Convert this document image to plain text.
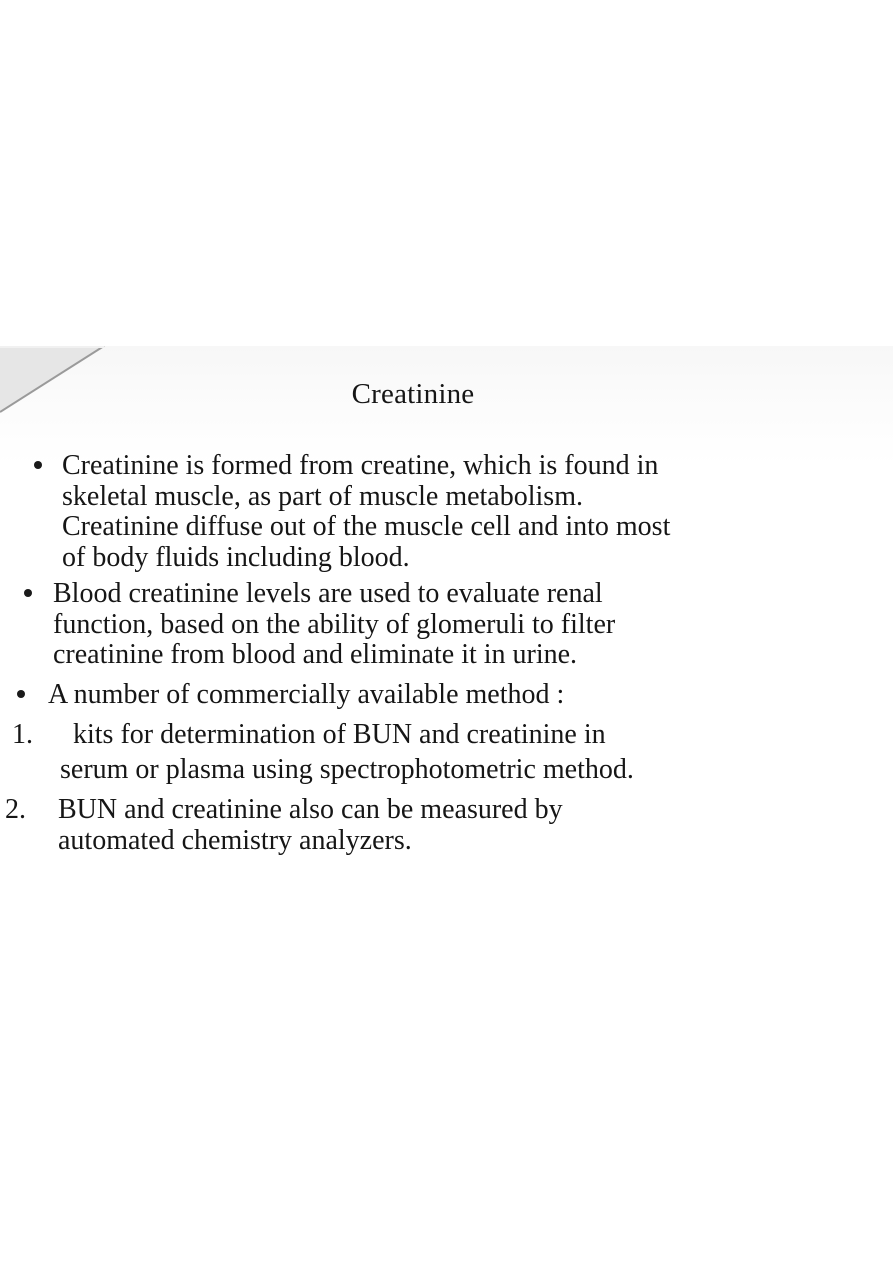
Creatinine
Creatinine is formed from creatine, which is found in
skeletal muscle, as part of muscle metabolism.
Creatinine diffuse out of the muscle cell and into most
of body fluids including blood.
Blood creatinine levels are used to evaluate renal
function, based on the ability of glomeruli to filter
creatinine from blood and eliminate it in urine.
A number of commercially available method :
1.	kits for determination of BUN and creatinine in
serum or plasma using spectrophotometric method.
2. BUN and creatinine also can be measured by
automated chemistry analyzers.
